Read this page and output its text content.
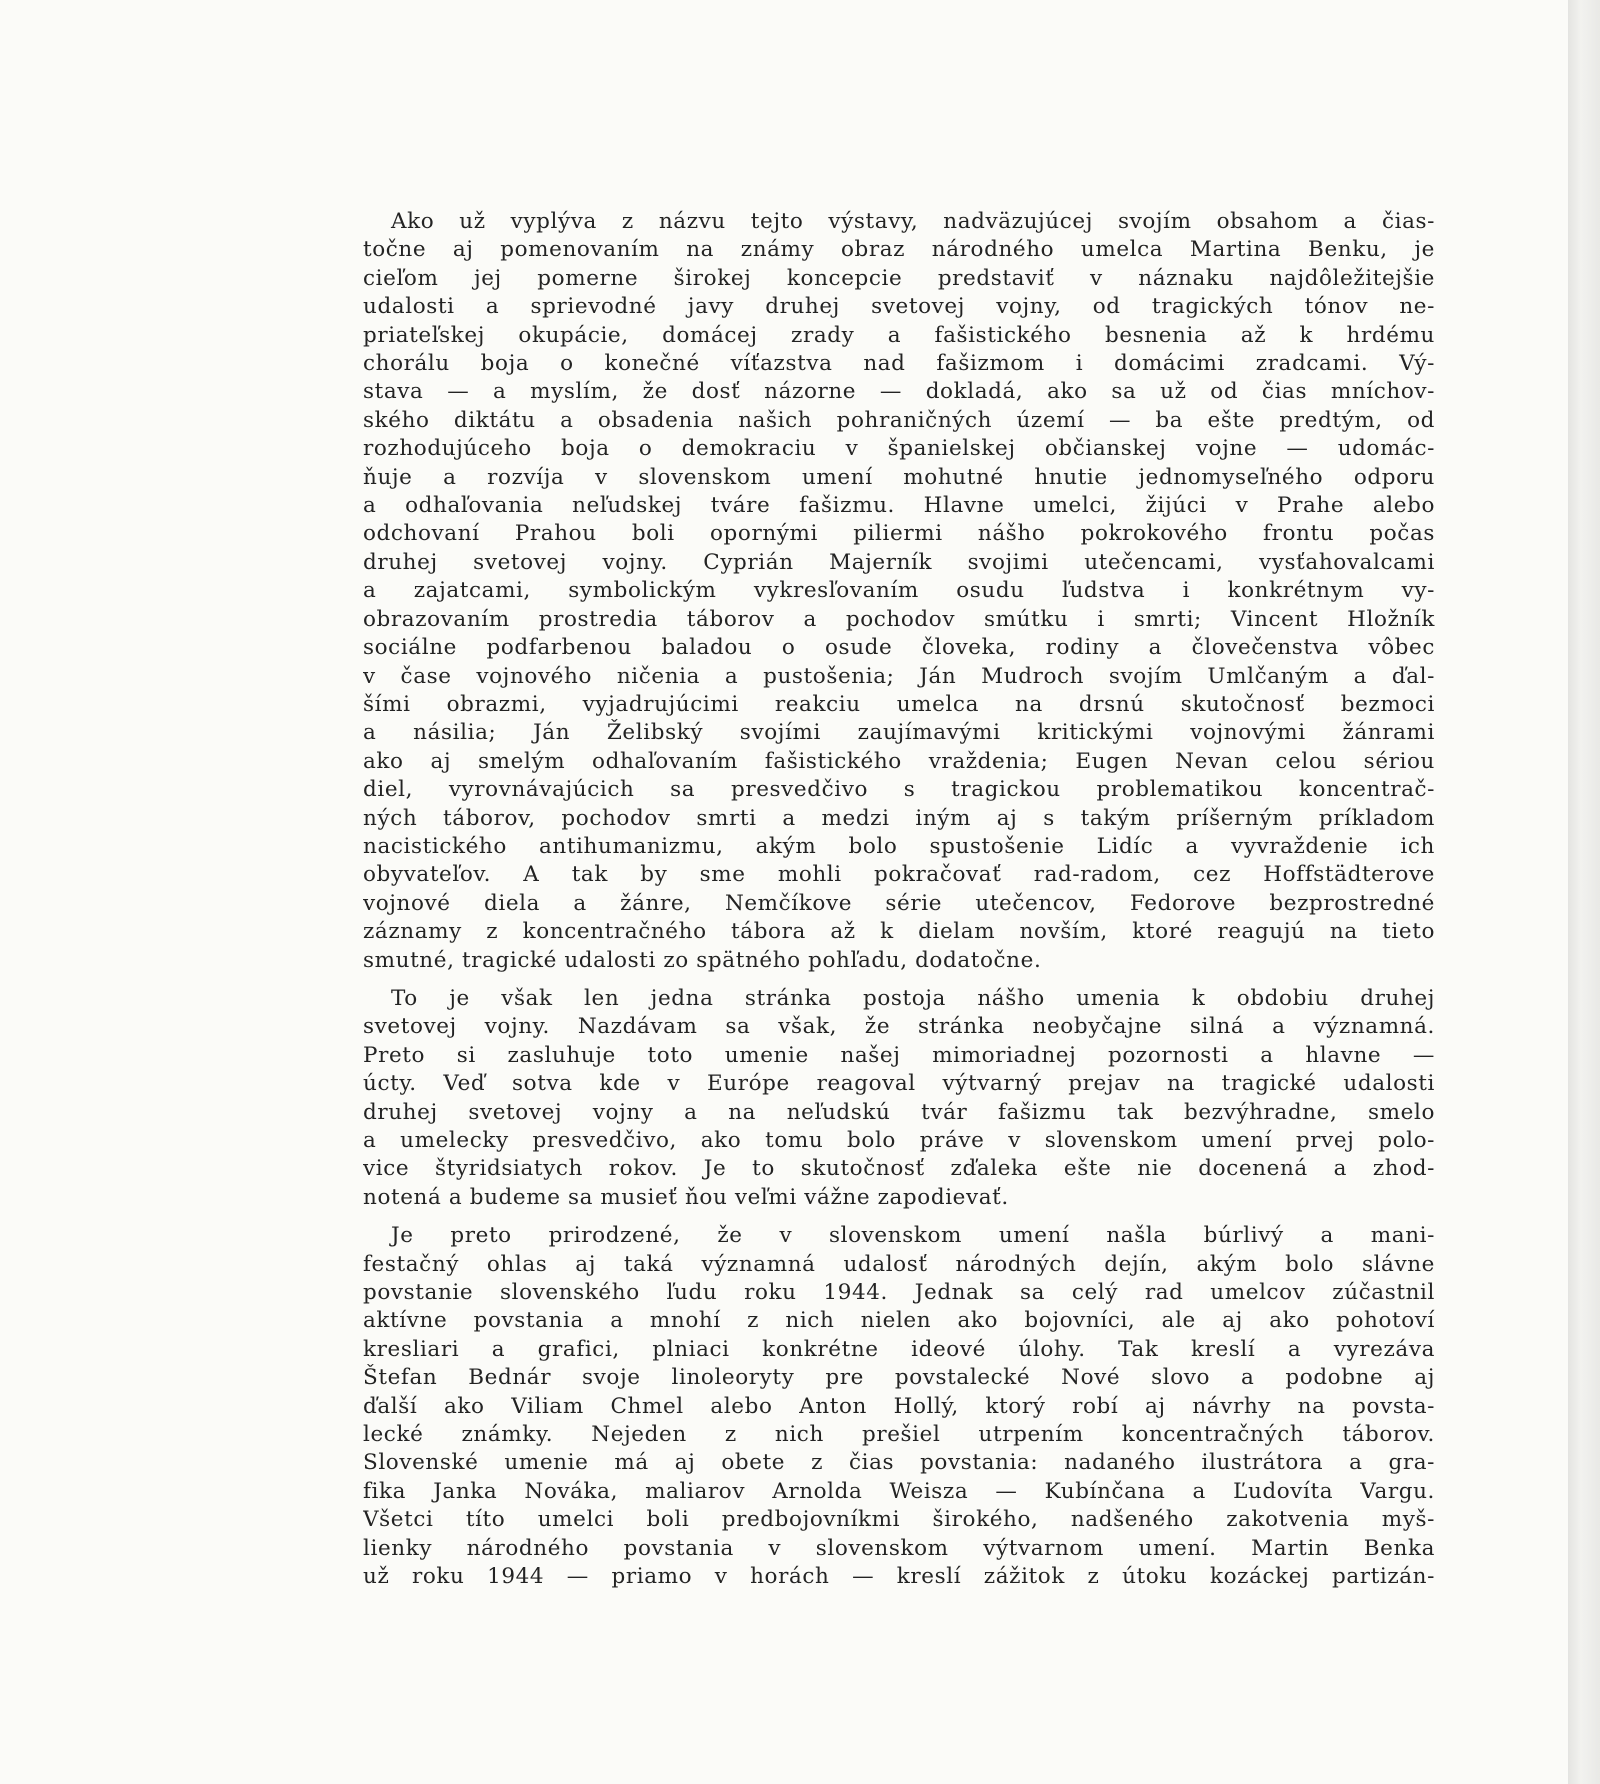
Ako už vyplýva z názvu tejto výstavy, nadväzujúcej svojím obsahom a čias-
točne aj pomenovaním na známy obraz národného umelca Martina Benku, je
cieľom jej pomerne širokej koncepcie predstaviť v náznaku najdôležitejšie
udalosti a sprievodné javy druhej svetovej vojny, od tragických tónov ne-
priateľskej okupácie, domácej zrady a fašistického besnenia až k hrdému
chorálu boja o konečné víťazstva nad fašizmom i domácimi zradcami. Vý-
stava — a myslím, že dosť názorne — dokladá, ako sa už od čias mníchov-
ského diktátu a obsadenia našich pohraničných území — ba ešte predtým, od
rozhodujúceho boja o demokraciu v španielskej občianskej vojne — udomác-
ňuje a rozvíja v slovenskom umení mohutné hnutie jednomyseľného odporu
a odhaľovania neľudskej tváre fašizmu. Hlavne umelci, žijúci v Prahe alebo
odchovaní Prahou boli opornými piliermi nášho pokrokového frontu počas
druhej svetovej vojny. Cyprián Majerník svojimi utečencami, vysťahovalcami
a zajatcami, symbolickým vykresľovaním osudu ľudstva i konkrétnym vy-
obrazovaním prostredia táborov a pochodov smútku i smrti; Vincent Hložník
sociálne podfarbenou baladou o osude človeka, rodiny a človečenstva vôbec
v čase vojnového ničenia a pustošenia; Ján Mudroch svojím Umlčaným a ďal-
šími obrazmi, vyjadrujúcimi reakciu umelca na drsnú skutočnosť bezmoci
a násilia; Ján Želibský svojími zaujímavými kritickými vojnovými žánrami
ako aj smelým odhaľovaním fašistického vraždenia; Eugen Nevan celou sériou
diel, vyrovnávajúcich sa presvedčivo s tragickou problematikou koncentrač-
ných táborov, pochodov smrti a medzi iným aj s takým príšerným príkladom
nacistického antihumanizmu, akým bolo spustošenie Lidíc a vyvraždenie ich
obyvateľov. A tak by sme mohli pokračovať rad-radom, cez Hoffstädterove
vojnové diela a žánre, Nemčíkove série utečencov, Fedorove bezprostredné
záznamy z koncentračného tábora až k dielam novším, ktoré reagujú na tieto
smutné, tragické udalosti zo spätného pohľadu, dodatočne.
To je však len jedna stránka postoja nášho umenia k obdobiu druhej
svetovej vojny. Nazdávam sa však, že stránka neobyčajne silná a významná.
Preto si zasluhuje toto umenie našej mimoriadnej pozornosti a hlavne —
úcty. Veď sotva kde v Európe reagoval výtvarný prejav na tragické udalosti
druhej svetovej vojny a na neľudskú tvár fašizmu tak bezvýhradne, smelo
a umelecky presvedčivo, ako tomu bolo práve v slovenskom umení prvej polo-
vice štyridsiatych rokov. Je to skutočnosť zďaleka ešte nie docenená a zhod-
notená a budeme sa musieť ňou veľmi vážne zapodievať.
Je preto prirodzené, že v slovenskom umení našla búrlivý a mani-
festačný ohlas aj taká významná udalosť národných dejín, akým bolo slávne
povstanie slovenského ľudu roku 1944. Jednak sa celý rad umelcov zúčastnil
aktívne povstania a mnohí z nich nielen ako bojovníci, ale aj ako pohotoví
kresliari a grafici, plniaci konkrétne ideové úlohy. Tak kreslí a vyrezáva
Štefan Bednár svoje linoleoryty pre povstalecké Nové slovo a podobne aj
ďalší ako Viliam Chmel alebo Anton Hollý, ktorý robí aj návrhy na povsta-
lecké známky. Nejeden z nich prešiel utrpením koncentračných táborov.
Slovenské umenie má aj obete z čias povstania: nadaného ilustrátora a gra-
fika Janka Nováka, maliarov Arnolda Weisza — Kubínčana a Ľudovíta Vargu.
Všetci títo umelci boli predbojovníkmi širokého, nadšeného zakotvenia myš-
lienky národného povstania v slovenskom výtvarnom umení. Martin Benka
už roku 1944 — priamo v horách — kreslí zážitok z útoku kozáckej partizán-
